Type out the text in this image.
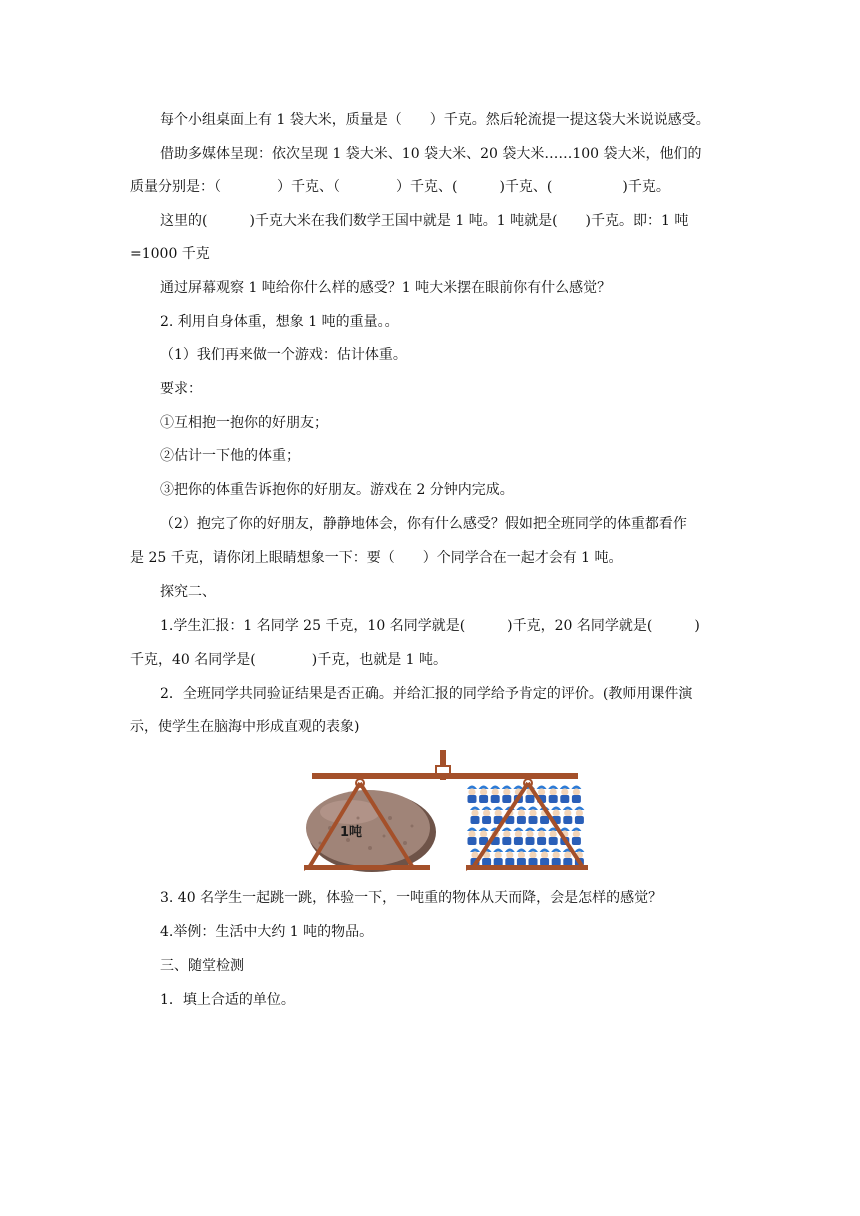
每个小组桌面上有 1 袋大米，质量是（　　）千克。然后轮流提一提这袋大米说说感受。

借助多媒体呈现：依次呈现 1 袋大米、10 袋大米、20 袋大米……100 袋大米，他们的

质量分别是：（　　　　）千克、（　　　　）千克、(　　　)千克、(　　　　　)千克。

这里的(　　　)千克大米在我们数学王国中就是 1 吨。1 吨就是(　　)千克。即：1 吨

=1000 千克

通过屏幕观察 1 吨给你什么样的感受？1 吨大米摆在眼前你有什么感觉？

2. 利用自身体重，想象 1 吨的重量。。

（1）我们再来做一个游戏：估计体重。

要求：

①互相抱一抱你的好朋友；

②估计一下他的体重；

③把你的体重告诉抱你的好朋友。游戏在 2 分钟内完成。

（2）抱完了你的好朋友，静静地体会，你有什么感受？假如把全班同学的体重都看作

是 25 千克，请你闭上眼睛想象一下：要（　　）个同学合在一起才会有 1 吨。

探究二、

1.学生汇报：1 名同学 25 千克，10 名同学就是(　　　)千克，20 名同学就是(　　　)

千克，40 名同学是(　　　　)千克，也就是 1 吨。

2．全班同学共同验证结果是否正确。并给汇报的同学给予肯定的评价。(教师用课件演

示，使学生在脑海中形成直观的表象)

1吨

3. 40 名学生一起跳一跳，体验一下，一吨重的物体从天而降，会是怎样的感觉？

4.举例：生活中大约 1 吨的物品。

三、随堂检测

1．填上合适的单位。
